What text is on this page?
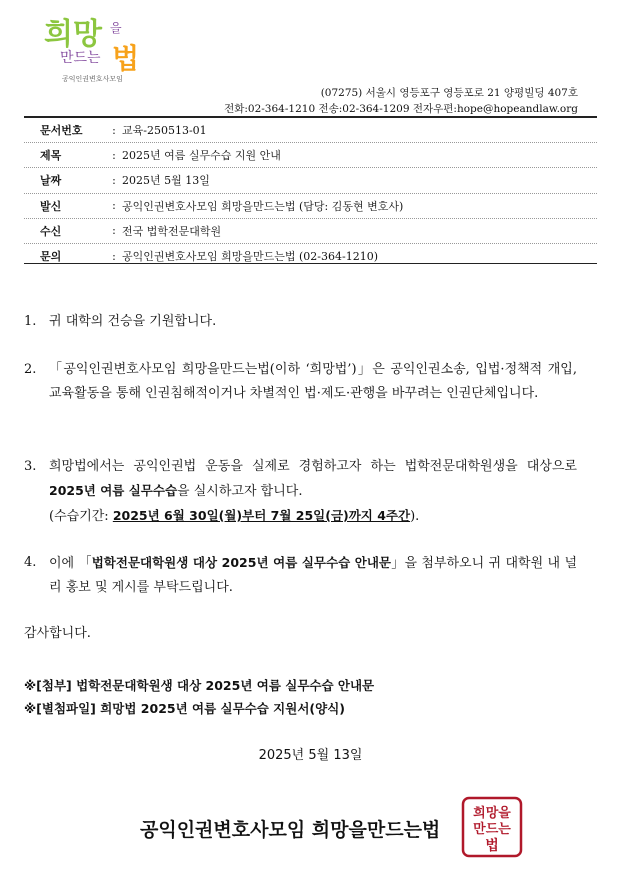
희망 을
만드는 법
공익인권변호사모임
(07275) 서울시 영등포구 영등포로 21 양평빌딩 407호
전화:02-364-1210 전송:02-364-1209 전자우편:hope@hopeandlaw.org
문서번호	: 교육-250513-01
제목	: 2025년 여름 실무수습 지원 안내
날짜	: 2025년 5월 13일
발신	: 공익인권변호사모임 희망을만드는법 (담당: 김동현 변호사)
수신	: 전국 법학전문대학원
문의	: 공익인권변호사모임 희망을만드는법 (02-364-1210)
1. 귀 대학의 건승을 기원합니다.
2. 「공익인권변호사모임 희망을만드는법(이하 ‘희망법’)」은 공익인권소송, 입법·정책적 개입, 교육활동을 통해 인권침해적이거나 차별적인 법·제도·관행을 바꾸려는 인권단체입니다.
3. 희망법에서는 공익인권법 운동을 실제로 경험하고자 하는 법학전문대학원생을 대상으로 2025년 여름 실무수습을 실시하고자 합니다.
(수습기간: 2025년 6월 30일(월)부터 7월 25일(금)까지 4주간).
4. 이에 「법학전문대학원생 대상 2025년 여름 실무수습 안내문」을 첨부하오니 귀 대학원 내 널리 홍보 및 게시를 부탁드립니다.
감사합니다.
※[첨부] 법학전문대학원생 대상 2025년 여름 실무수습 안내문
※[별첨파일] 희망법 2025년 여름 실무수습 지원서(양식)
2025년 5월 13일
공익인권변호사모임 희망을만드는법
희망을
만드는
법
